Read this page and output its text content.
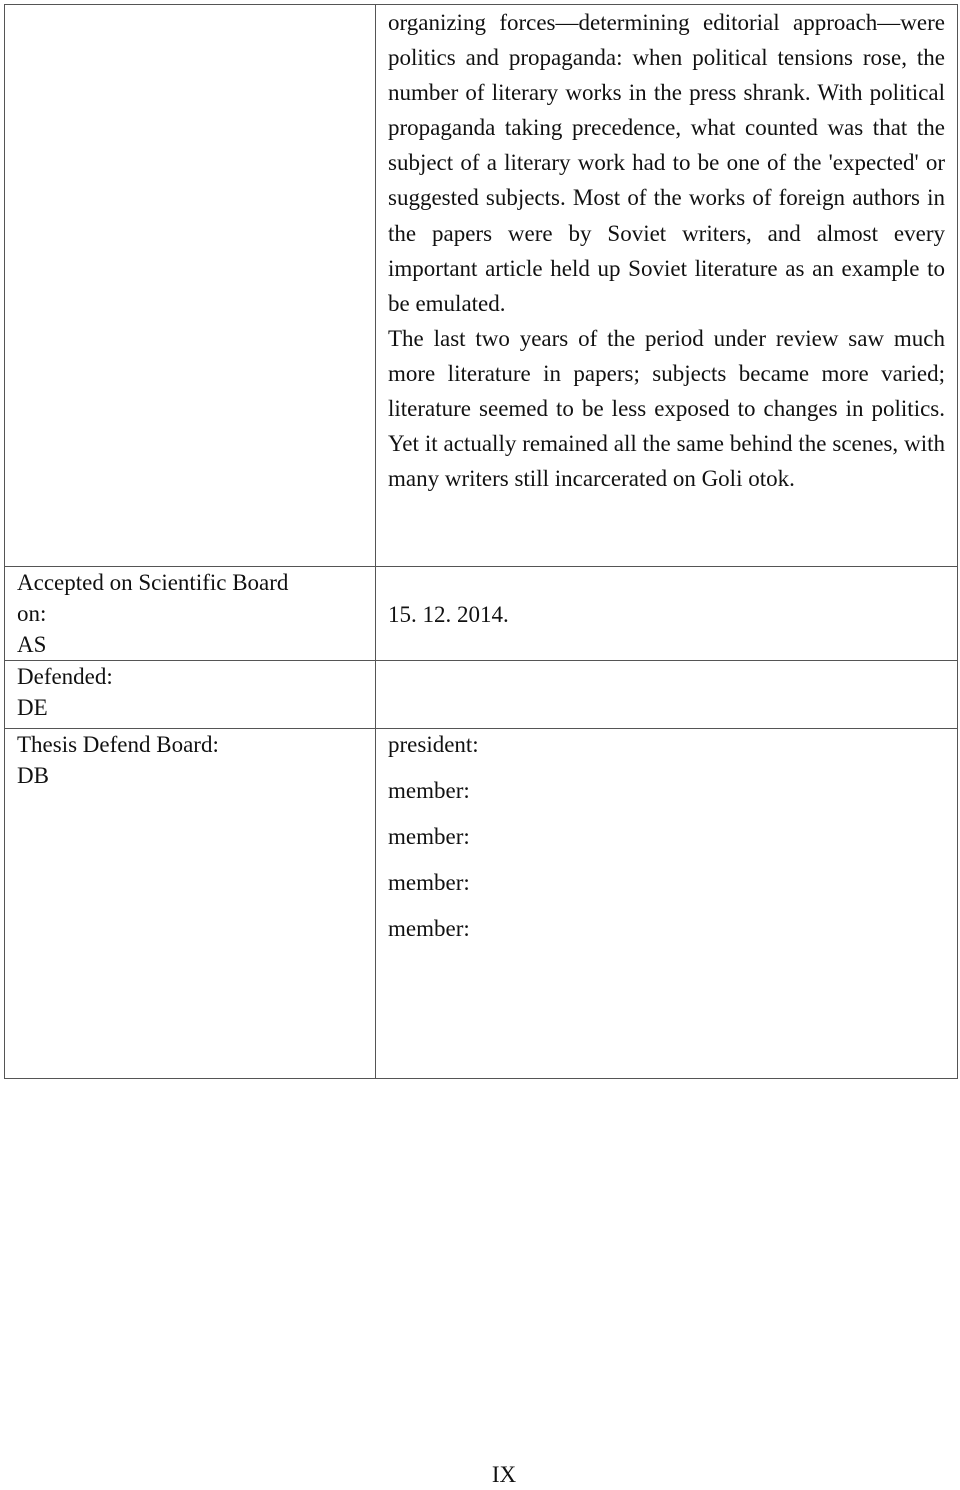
	organizing forces—determining editorial approach—were politics and propaganda: when political tensions rose, the number of literary works in the press shrank. With political propaganda taking precedence, what counted was that the subject of a literary work had to be one of the 'expected' or suggested subjects. Most of the works of foreign authors in the papers were by Soviet writers, and almost every important article held up Soviet literature as an example to be emulated.

The last two years of the period under review saw much more literature in papers; subjects became more varied; literature seemed to be less exposed to changes in politics. Yet it actually remained all the same behind the scenes, with many writers still incarcerated on Goli otok.

Accepted on Scientific Board
on:
AS	15. 12. 2014.

Defended:
DE	

Thesis Defend Board:
DB	president:
member:
member:
member:
member:
IX
